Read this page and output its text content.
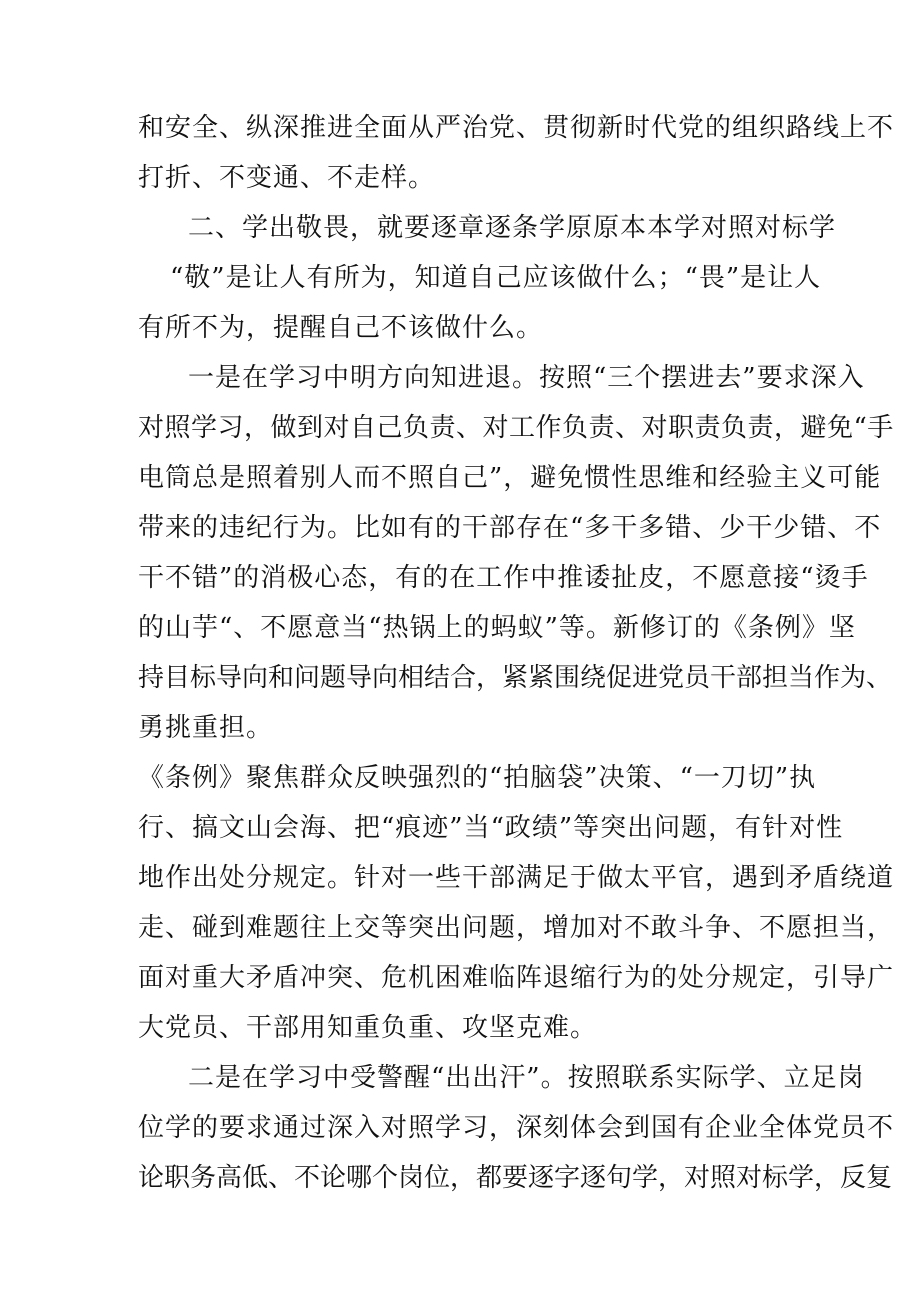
和安全、纵深推进全面从严治党、贯彻新时代党的组织路线上不
打折、不变通、不走样。
二、学出敬畏，就要逐章逐条学原原本本学对照对标学
“敬”是让人有所为，知道自己应该做什么；“畏”是让人
有所不为，提醒自己不该做什么。
一是在学习中明方向知进退。按照“三个摆进去”要求深入
对照学习，做到对自己负责、对工作负责、对职责负责，避免“手
电筒总是照着别人而不照自己”，避免惯性思维和经验主义可能
带来的违纪行为。比如有的干部存在“多干多错、少干少错、不
干不错”的消极心态，有的在工作中推诿扯皮，不愿意接“烫手
的山芋“、不愿意当“热锅上的蚂蚁”等。新修订的《条例》坚
持目标导向和问题导向相结合，紧紧围绕促进党员干部担当作为、
勇挑重担。
《条例》聚焦群众反映强烈的“拍脑袋”决策、“一刀切”执
行、搞文山会海、把“痕迹”当“政绩”等突出问题，有针对性
地作出处分规定。针对一些干部满足于做太平官，遇到矛盾绕道
走、碰到难题往上交等突出问题，增加对不敢斗争、不愿担当，
面对重大矛盾冲突、危机困难临阵退缩行为的处分规定，引导广
大党员、干部用知重负重、攻坚克难。
二是在学习中受警醒“出出汗”。按照联系实际学、立足岗
位学的要求通过深入对照学习，深刻体会到国有企业全体党员不
论职务高低、不论哪个岗位，都要逐字逐句学，对照对标学，反复
